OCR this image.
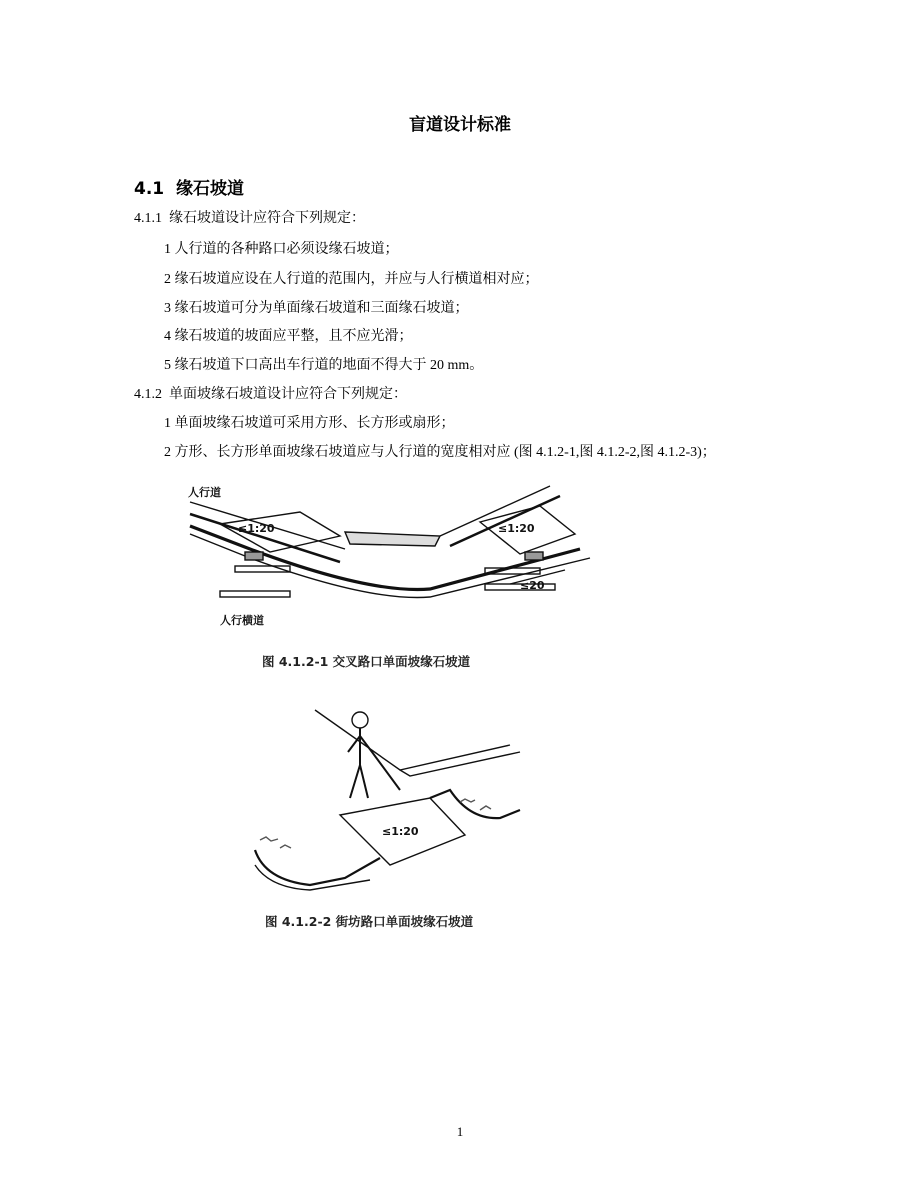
盲道设计标准
4.1 缘石坡道
4.1.1 缘石坡道设计应符合下列规定：
1 人行道的各种路口必须设缘石坡道；
2 缘石坡道应设在人行道的范围内，并应与人行横道相对应；
3 缘石坡道可分为单面缘石坡道和三面缘石坡道；
4 缘石坡道的坡面应平整，且不应光滑；
5 缘石坡道下口高出车行道的地面不得大于 20 mm。
4.1.2 单面坡缘石坡道设计应符合下列规定：
1 单面坡缘石坡道可采用方形、长方形或扇形；
2 方形、长方形单面坡缘石坡道应与人行道的宽度相对应 (图 4.1.2-1,图 4.1.2-2,图 4.1.2-3)；
人行道
人行横道
≤1:20	≤1:20
≤20
图 4.1.2-1 交叉路口单面坡缘石坡道
≤1:20
图 4.1.2-2 街坊路口单面坡缘石坡道
1
